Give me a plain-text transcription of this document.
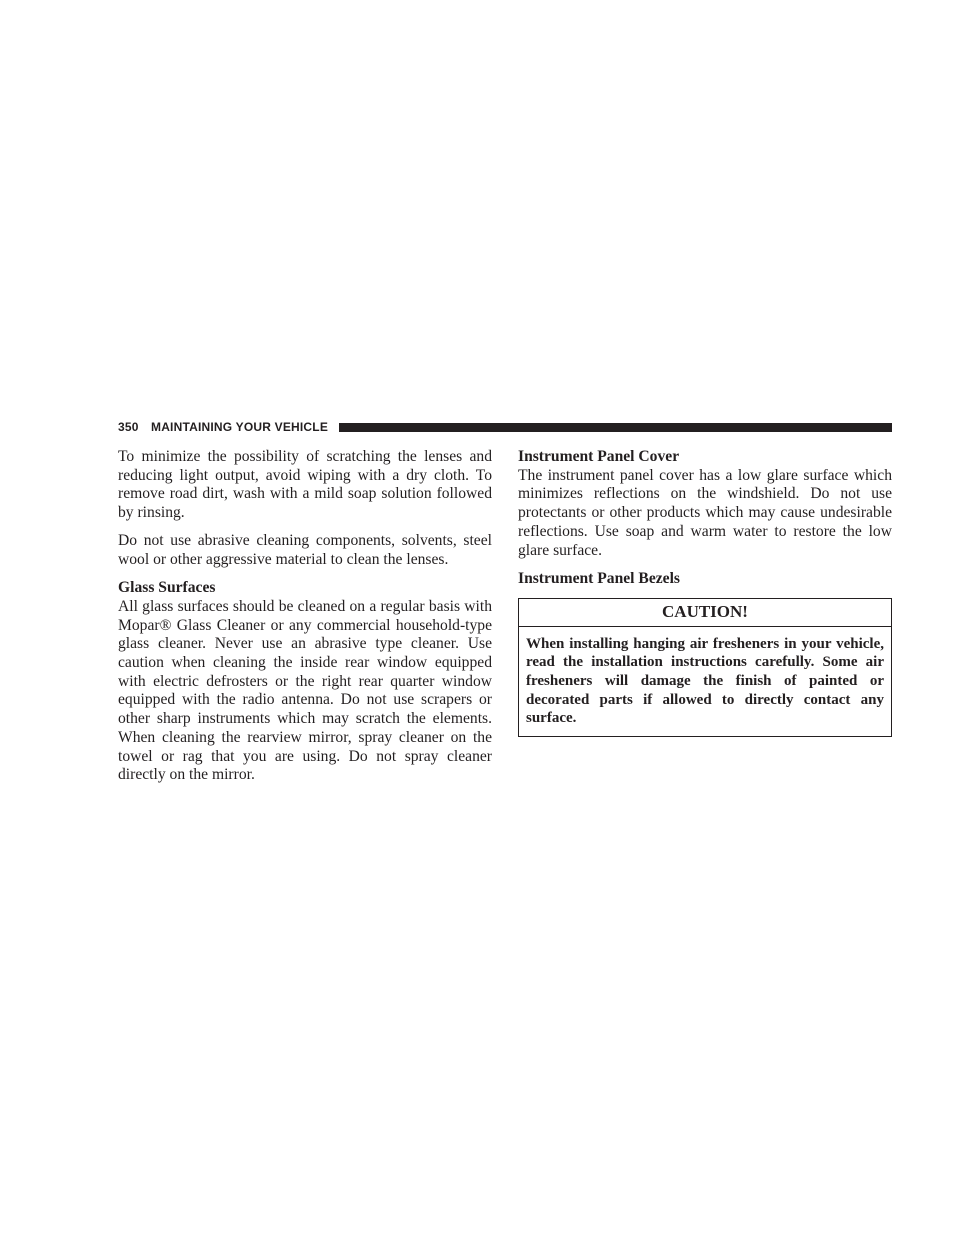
350 MAINTAINING YOUR VEHICLE

To minimize the possibility of scratching the lenses and reducing light output, avoid wiping with a dry cloth. To remove road dirt, wash with a mild soap solution followed by rinsing.

Do not use abrasive cleaning components, solvents, steel wool or other aggressive material to clean the lenses.

Glass Surfaces
All glass surfaces should be cleaned on a regular basis with Mopar® Glass Cleaner or any commercial household-type glass cleaner. Never use an abrasive type cleaner. Use caution when cleaning the inside rear window equipped with electric defrosters or the right rear quarter window equipped with the radio antenna. Do not use scrapers or other sharp instruments which may scratch the elements. When cleaning the rearview mirror, spray cleaner on the towel or rag that you are using. Do not spray cleaner directly on the mirror.
Instrument Panel Cover
The instrument panel cover has a low glare surface which minimizes reflections on the windshield. Do not use protectants or other products which may cause undesirable reflections. Use soap and warm water to restore the low glare surface.
Instrument Panel Bezels
CAUTION!
When installing hanging air fresheners in your vehicle, read the installation instructions carefully. Some air fresheners will damage the finish of painted or decorated parts if allowed to directly contact any surface.
